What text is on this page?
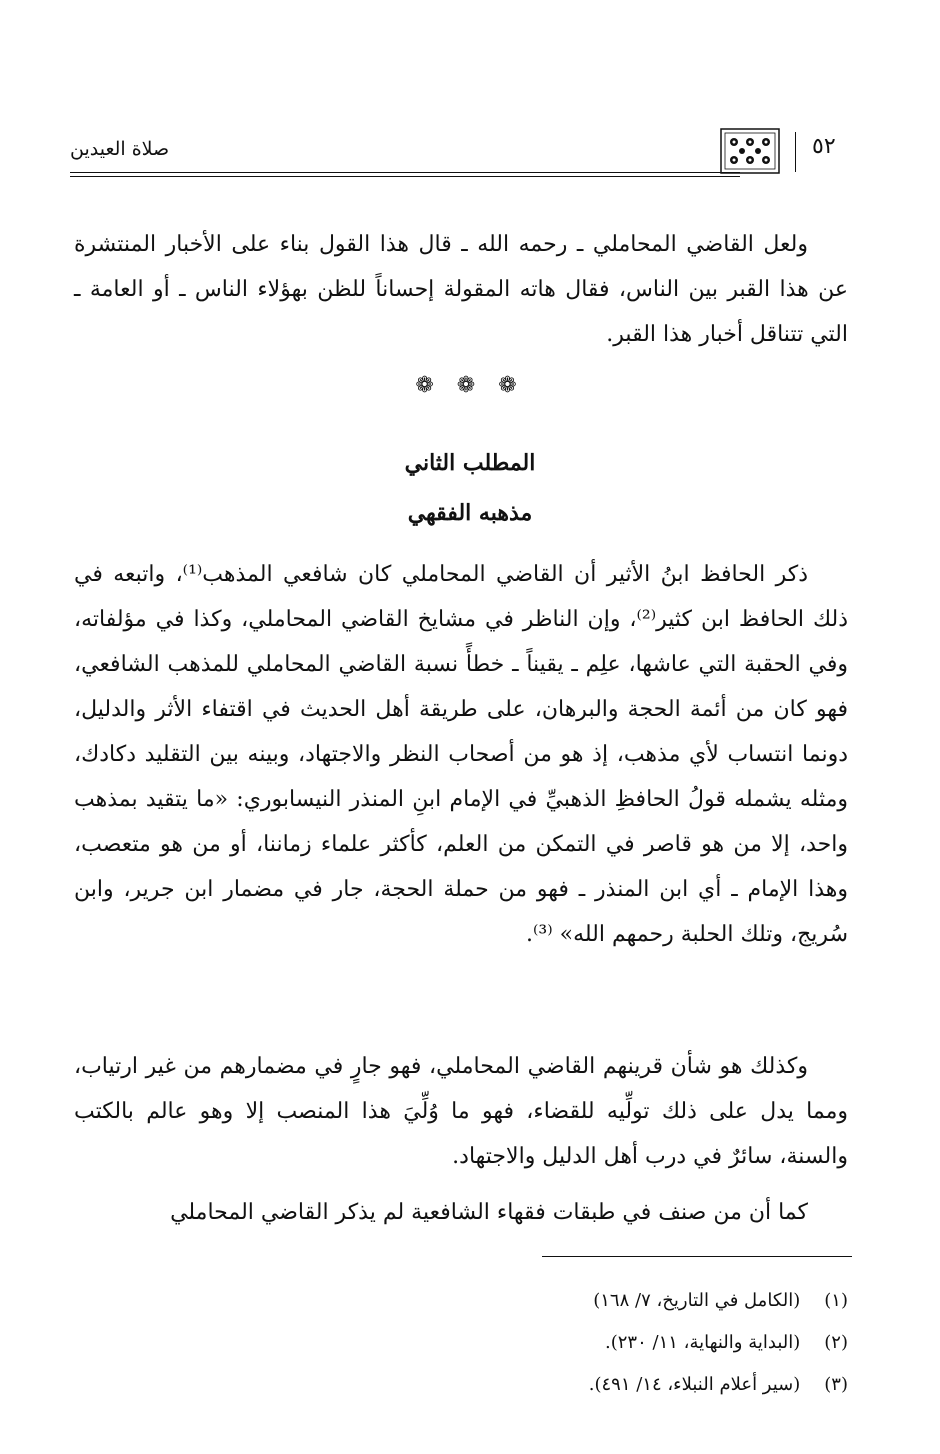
صلاة العيدين	٥٢

ولعل القاضي المحاملي ـ رحمه الله ـ قال هذا القول بناء على الأخبار المنتشرة عن هذا القبر بين الناس، فقال هاته المقولة إحساناً للظن بهؤلاء الناس ـ أو العامة ـ التي تتناقل أخبار هذا القبر.

❁ ❁ ❁
المطلب الثاني
مذهبه الفقهي

ذكر الحافظ ابنُ الأثير أن القاضي المحاملي كان شافعي المذهب⁽¹⁾، واتبعه في ذلك الحافظ ابن كثير⁽²⁾، وإن الناظر في مشايخ القاضي المحاملي، وكذا في مؤلفاته، وفي الحقبة التي عاشها، علِم ـ يقيناً ـ خطأً نسبة القاضي المحاملي للمذهب الشافعي، فهو كان من أئمة الحجة والبرهان، على طريقة أهل الحديث في اقتفاء الأثر والدليل، دونما انتساب لأي مذهب، إذ هو من أصحاب النظر والاجتهاد، وبينه بين التقليد دكادك، ومثله يشمله قولُ الحافظِ الذهبيِّ في الإمام ابنِ المنذر النيسابوري: «ما يتقيد بمذهب واحد، إلا من هو قاصر في التمكن من العلم، كأكثر علماء زماننا، أو من هو متعصب، وهذا الإمام ـ أي ابن المنذر ـ فهو من حملة الحجة، جار في مضمار ابن جرير، وابن سُريج، وتلك الحلبة رحمهم الله» ⁽³⁾.

وكذلك هو شأن قرينهم القاضي المحاملي، فهو جارٍ في مضمارهم من غير ارتياب، ومما يدل على ذلك تولِّيه للقضاء، فهو ما وُلِّيَ هذا المنصب إلا وهو عالم بالكتب والسنة، سائرٌ في درب أهل الدليل والاجتهاد.

كما أن من صنف في طبقات فقهاء الشافعية لم يذكر القاضي المحاملي

(١) (الكامل في التاريخ، ٧/ ١٦٨)
(٢) (البداية والنهاية، ١١/ ٢٣٠).
(٣) (سير أعلام النبلاء، ١٤/ ٤٩١).
